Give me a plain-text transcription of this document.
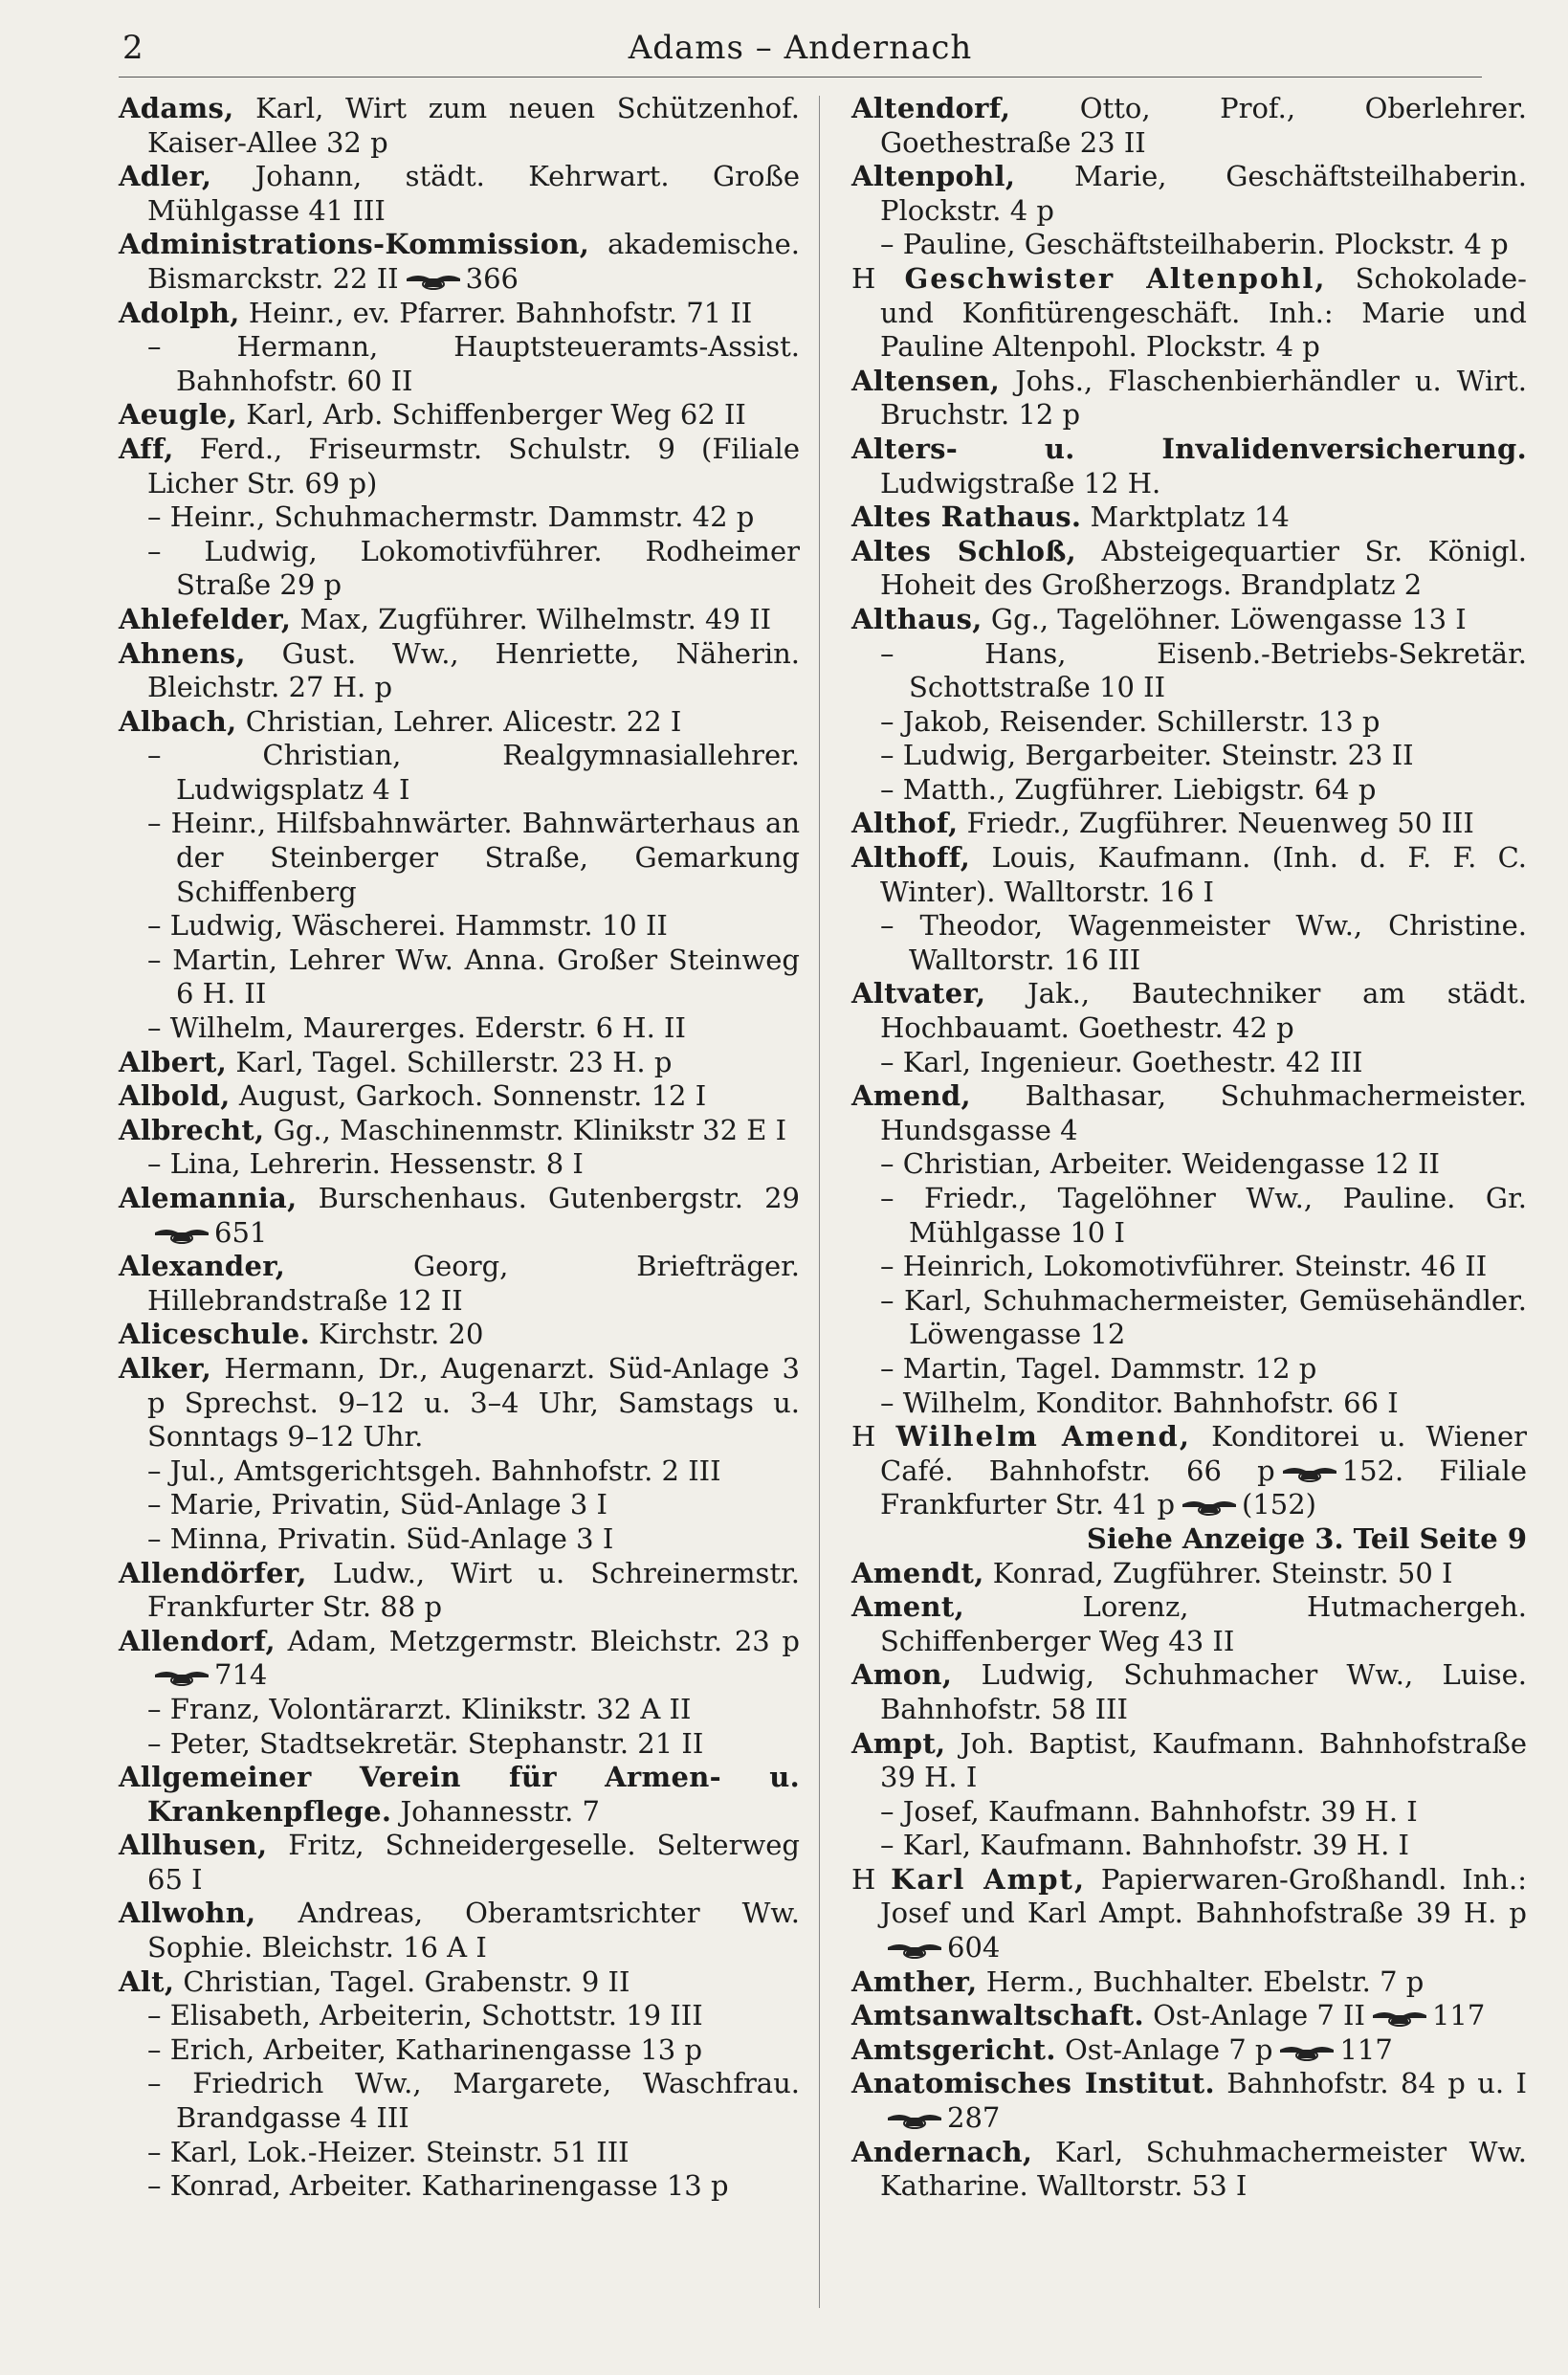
2	Adams – Andernach
Adams, Karl, Wirt zum neuen Schützenhof. Kaiser-Allee 32 p
Adler, Johann, städt. Kehrwart. Große Mühlgasse 41 III
Administrations-Kommission, akademische. Bismarckstr. 22 II 366
Adolph, Heinr., ev. Pfarrer. Bahnhofstr. 71 II
– Hermann, Hauptsteueramts-Assist. Bahnhofstr. 60 II
Aeugle, Karl, Arb. Schiffenberger Weg 62 II
Aff, Ferd., Friseurmstr. Schulstr. 9 (Filiale Licher Str. 69 p)
– Heinr., Schuhmachermstr. Dammstr. 42 p
– Ludwig, Lokomotivführer. Rodheimer Straße 29 p
Ahlefelder, Max, Zugführer. Wilhelmstr. 49 II
Ahnens, Gust. Ww., Henriette, Näherin. Bleichstr. 27 H. p
Albach, Christian, Lehrer. Alicestr. 22 I
– Christian, Realgymnasiallehrer. Ludwigsplatz 4 I
– Heinr., Hilfsbahnwärter. Bahnwärterhaus an der Steinberger Straße, Gemarkung Schiffenberg
– Ludwig, Wäscherei. Hammstr. 10 II
– Martin, Lehrer Ww. Anna. Großer Steinweg 6 H. II
– Wilhelm, Maurerges. Ederstr. 6 H. II
Albert, Karl, Tagel. Schillerstr. 23 H. p
Albold, August, Garkoch. Sonnenstr. 12 I
Albrecht, Gg., Maschinenmstr. Klinikstr 32 E I
– Lina, Lehrerin. Hessenstr. 8 I
Alemannia, Burschenhaus. Gutenbergstr. 29651
Alexander, Georg, Briefträger. Hillebrandstraße 12 II
Aliceschule. Kirchstr. 20
Alker, Hermann, Dr., Augenarzt. Süd-Anlage 3 p Sprechst. 9–12 u. 3–4 Uhr, Samstags u. Sonntags 9–12 Uhr.
– Jul., Amtsgerichtsgeh. Bahnhofstr. 2 III
– Marie, Privatin, Süd-Anlage 3 I
– Minna, Privatin. Süd-Anlage 3 I
Allendörfer, Ludw., Wirt u. Schreinermstr. Frankfurter Str. 88 p
Allendorf, Adam, Metzgermstr. Bleichstr. 23 p714
– Franz, Volontärarzt. Klinikstr. 32 A II
– Peter, Stadtsekretär. Stephanstr. 21 II
Allgemeiner Verein für Armen- u. Krankenpflege. Johannesstr. 7
Allhusen, Fritz, Schneidergeselle. Selterweg 65 I
Allwohn, Andreas, Oberamtsrichter Ww. Sophie. Bleichstr. 16 A I
Alt, Christian, Tagel. Grabenstr. 9 II
– Elisabeth, Arbeiterin, Schottstr. 19 III
– Erich, Arbeiter, Katharinengasse 13 p
– Friedrich Ww., Margarete, Waschfrau. Brandgasse 4 III
– Karl, Lok.-Heizer. Steinstr. 51 III
– Konrad, Arbeiter. Katharinengasse 13 p
Altendorf, Otto, Prof., Oberlehrer. Goethestraße 23 II
Altenpohl, Marie, Geschäftsteilhaberin. Plockstr. 4 p
– Pauline, Geschäftsteilhaberin. Plockstr. 4 p
H Geschwister Altenpohl, Schokolade- und Konfitürengeschäft. Inh.: Marie und Pauline Altenpohl. Plockstr. 4 p
Altensen, Johs., Flaschenbierhändler u. Wirt. Bruchstr. 12 p
Alters- u. Invalidenversicherung. Ludwigstraße 12 H.
Altes Rathaus. Marktplatz 14
Altes Schloß, Absteigequartier Sr. Königl. Hoheit des Großherzogs. Brandplatz 2
Althaus, Gg., Tagelöhner. Löwengasse 13 I
– Hans, Eisenb.-Betriebs-Sekretär. Schottstraße 10 II
– Jakob, Reisender. Schillerstr. 13 p
– Ludwig, Bergarbeiter. Steinstr. 23 II
– Matth., Zugführer. Liebigstr. 64 p
Althof, Friedr., Zugführer. Neuenweg 50 III
Althoff, Louis, Kaufmann. (Inh. d. F. F. C. Winter). Walltorstr. 16 I
– Theodor, Wagenmeister Ww., Christine. Walltorstr. 16 III
Altvater, Jak., Bautechniker am städt. Hochbauamt. Goethestr. 42 p
– Karl, Ingenieur. Goethestr. 42 III
Amend, Balthasar, Schuhmachermeister. Hundsgasse 4
– Christian, Arbeiter. Weidengasse 12 II
– Friedr., Tagelöhner Ww., Pauline. Gr. Mühlgasse 10 I
– Heinrich, Lokomotivführer. Steinstr. 46 II
– Karl, Schuhmachermeister, Gemüsehändler. Löwengasse 12
– Martin, Tagel. Dammstr. 12 p
– Wilhelm, Konditor. Bahnhofstr. 66 I
H Wilhelm Amend, Konditorei u. Wiener Café. Bahnhofstr. 66 p 152. Filiale Frankfurter Str. 41 p (152)
Siehe Anzeige 3. Teil Seite 9
Amendt, Konrad, Zugführer. Steinstr. 50 I
Ament, Lorenz, Hutmachergeh. Schiffenberger Weg 43 II
Amon, Ludwig, Schuhmacher Ww., Luise. Bahnhofstr. 58 III
Ampt, Joh. Baptist, Kaufmann. Bahnhofstraße 39 H. I
– Josef, Kaufmann. Bahnhofstr. 39 H. I
– Karl, Kaufmann. Bahnhofstr. 39 H. I
H Karl Ampt, Papierwaren-Großhandl. Inh.: Josef und Karl Ampt. Bahnhofstraße 39 H. p604
Amther, Herm., Buchhalter. Ebelstr. 7 p
Amtsanwaltschaft. Ost-Anlage 7 II 117
Amtsgericht. Ost-Anlage 7 p 117
Anatomisches Institut. Bahnhofstr. 84 p u. I287
Andernach, Karl, Schuhmachermeister Ww. Katharine. Walltorstr. 53 I
